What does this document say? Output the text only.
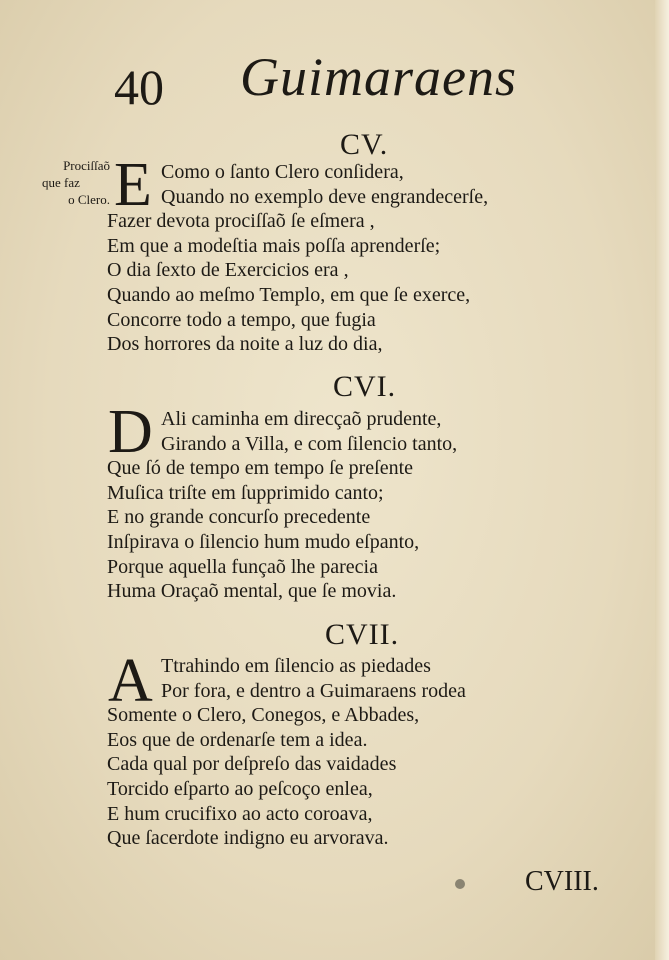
40 Guimaraens
CV.
Prociſſaõ
que faz
o Clero. E Como o ſanto Clero conſidera,
Quando no exemplo deve engrandecerſe,
Fazer devota prociſſaõ ſe eſmera ,
Em que a modeſtia mais poſſa aprenderſe;
O dia ſexto de Exercicios era ,
Quando ao meſmo Templo, em que ſe exerce,
Concorre todo a tempo, que fugia
Dos horrores da noite a luz do dia,
CVI.
D Ali caminha em direcçaõ prudente,
Girando a Villa, e com ſilencio tanto,
Que ſó de tempo em tempo ſe preſente
Muſica triſte em ſupprimido canto;
E no grande concurſo precedente
Inſpirava o ſilencio hum mudo eſpanto,
Porque aquella funçaõ lhe parecia
Huma Oraçaõ mental, que ſe movia.
CVII.
A Ttrahindo em ſilencio as piedades
Por fora, e dentro a Guimaraens rodea
Somente o Clero, Conegos, e Abbades,
Eos que de ordenarſe tem a idea.
Cada qual por deſpreſo das vaidades
Torcido eſparto ao peſcoço enlea,
E hum crucifixo ao acto coroava,
Que ſacerdote indigno eu arvorava.
CVIII.
